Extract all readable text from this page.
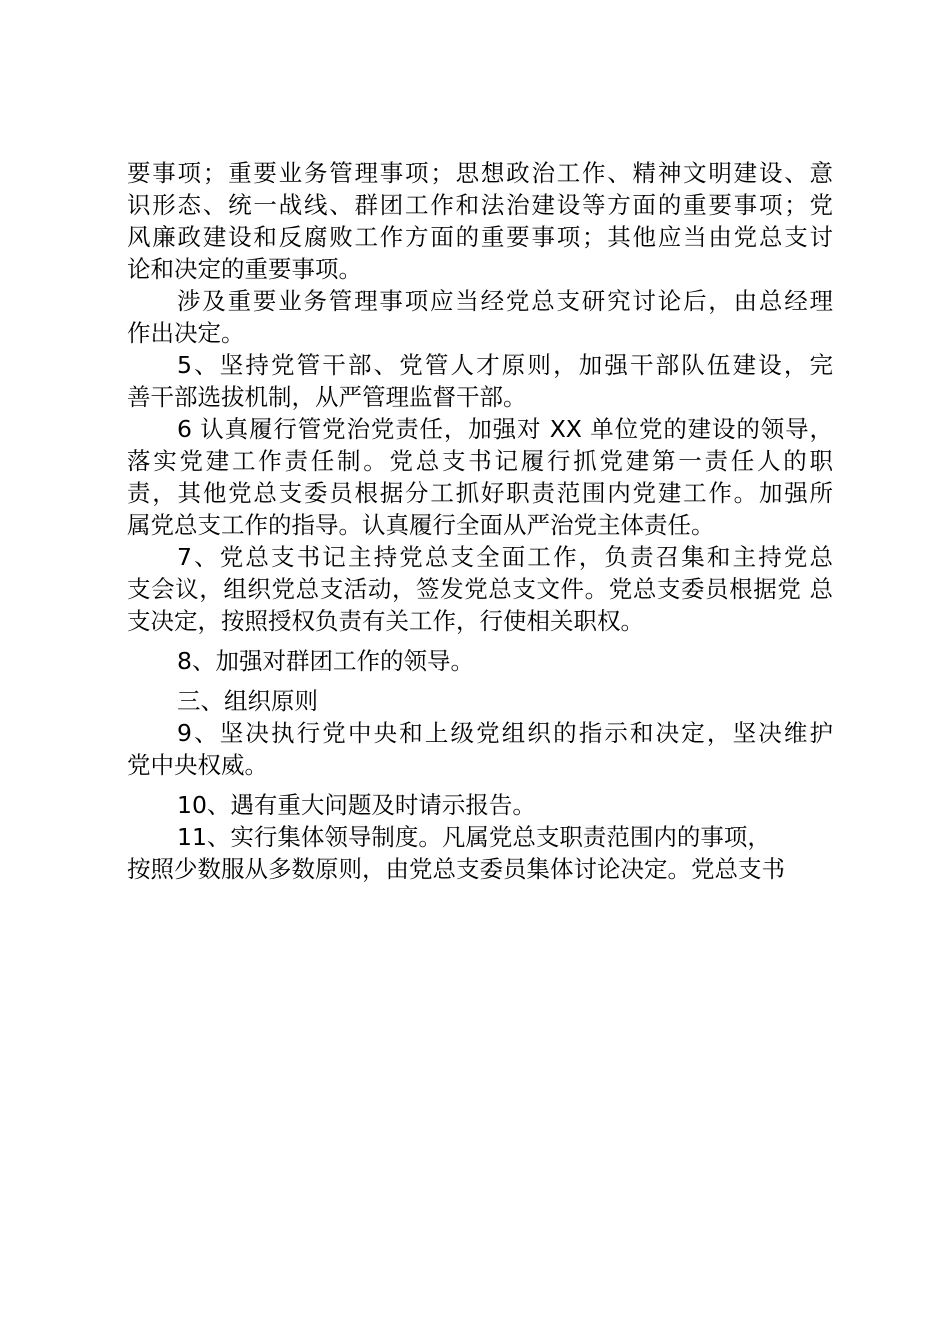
要事项；重要业务管理事项；思想政治工作、精神文明建设、意
识形态、统一战线、群团工作和法治建设等方面的重要事项；党
风廉政建设和反腐败工作方面的重要事项；其他应当由党总支讨
论和决定的重要事项。
涉及重要业务管理事项应当经党总支研究讨论后，由总经理
作出决定。
5、坚持党管干部、党管人才原则，加强干部队伍建设，完
善干部选拔机制，从严管理监督干部。
6 认真履行管党治党责任，加强对 XX 单位党的建设的领导，
落实党建工作责任制。党总支书记履行抓党建第一责任人的职
责，其他党总支委员根据分工抓好职责范围内党建工作。加强所
属党总支工作的指导。认真履行全面从严治党主体责任。
7、党总支书记主持党总支全面工作，负责召集和主持党总
支会议，组织党总支活动，签发党总支文件。党总支委员根据党 总
支决定，按照授权负责有关工作，行使相关职权。
8、加强对群团工作的领导。
三、组织原则
9、坚决执行党中央和上级党组织的指示和决定，坚决维护
党中央权威。
10、遇有重大问题及时请示报告。
11、实行集体领导制度。凡属党总支职责范围内的事项，
按照少数服从多数原则，由党总支委员集体讨论决定。党总支书
